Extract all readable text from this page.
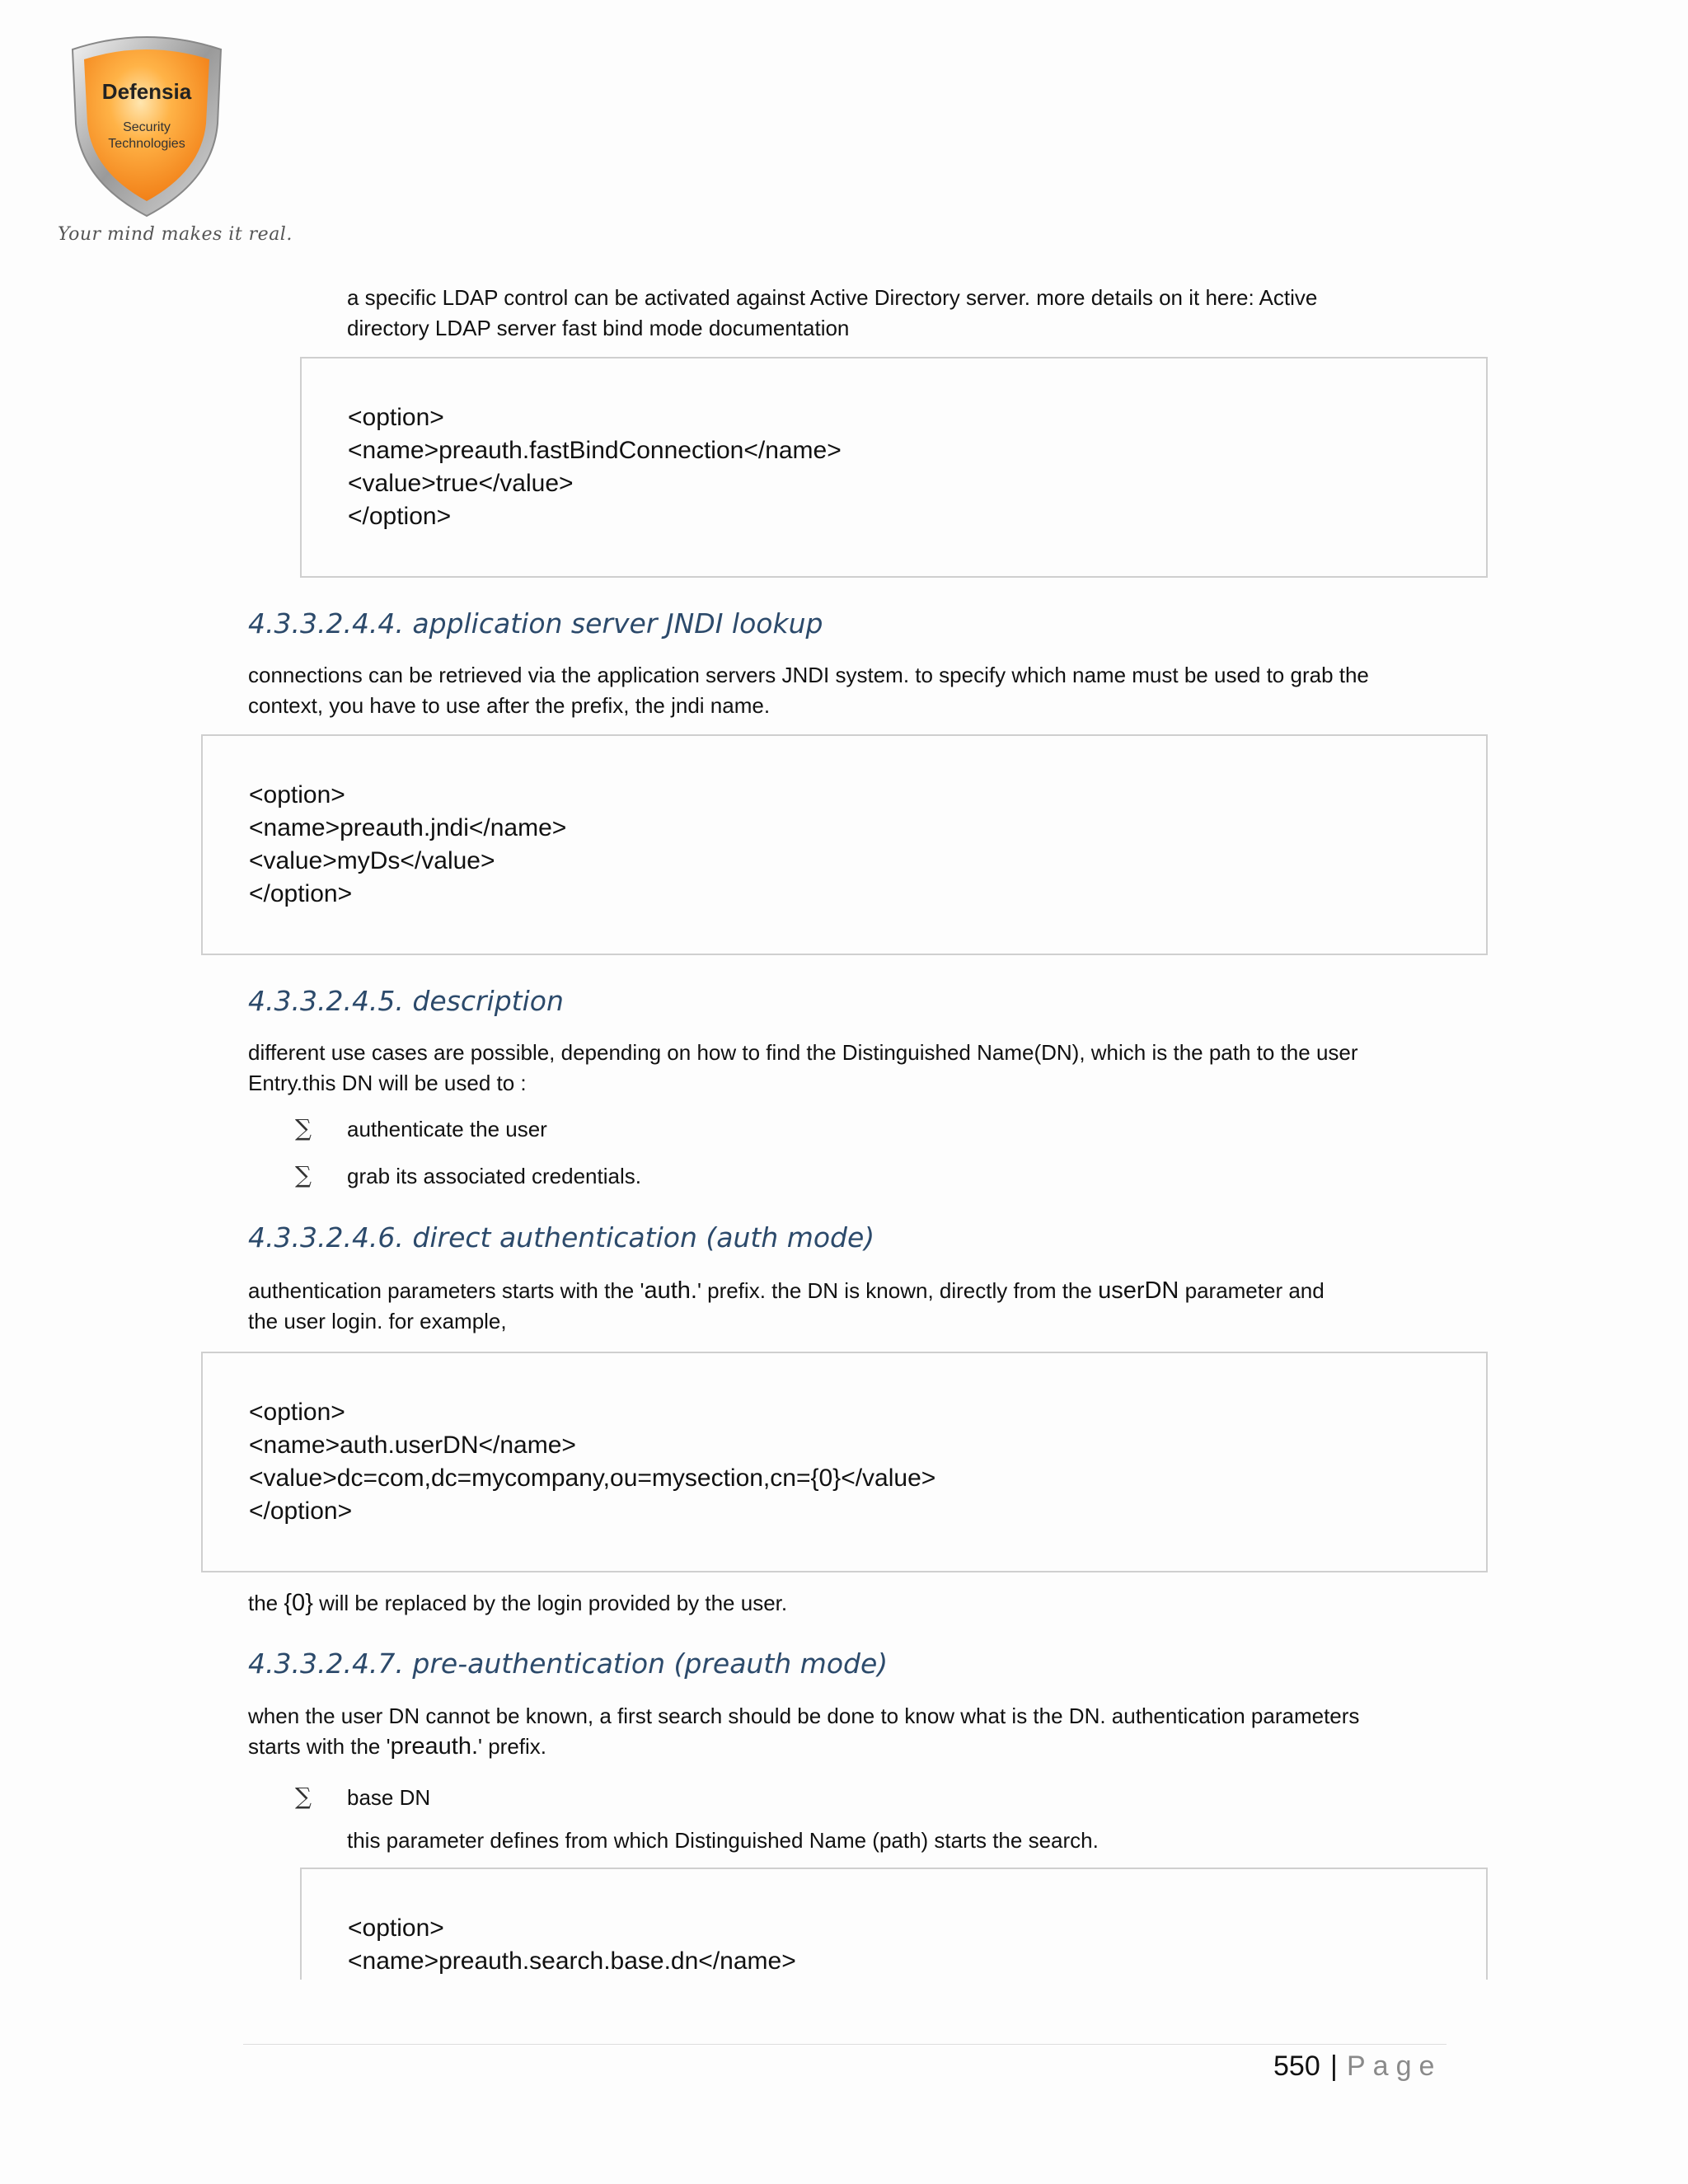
Defensia
Security
Technologies
Your mind makes it real.
a specific LDAP control can be activated against Active Directory server. more details on it here: Active
directory LDAP server fast bind mode documentation
<option>
<name>preauth.fastBindConnection</name>
<value>true</value>
</option>
4.3.3.2.4.4. application server JNDI lookup
connections can be retrieved via the application servers JNDI system. to specify which name must be used to grab the
context, you have to use after the prefix, the jndi name.
<option>
<name>preauth.jndi</name>
<value>myDs</value>
</option>
4.3.3.2.4.5. description
different use cases are possible, depending on how to find the Distinguished Name(DN), which is the path to the user
Entry.this DN will be used to :
∑ authenticate the user
∑ grab its associated credentials.
4.3.3.2.4.6. direct authentication (auth mode)
authentication parameters starts with the 'auth.' prefix. the DN is known, directly from the userDN parameter and
the user login. for example,
<option>
<name>auth.userDN</name>
<value>dc=com,dc=mycompany,ou=mysection,cn={0}</value>
</option>
the {0} will be replaced by the login provided by the user.
4.3.3.2.4.7. pre-authentication (preauth mode)
when the user DN cannot be known, a first search should be done to know what is the DN. authentication parameters
starts with the 'preauth.' prefix.
∑ base DN
this parameter defines from which Distinguished Name (path) starts the search.
<option>
<name>preauth.search.base.dn</name>
550 | Page
